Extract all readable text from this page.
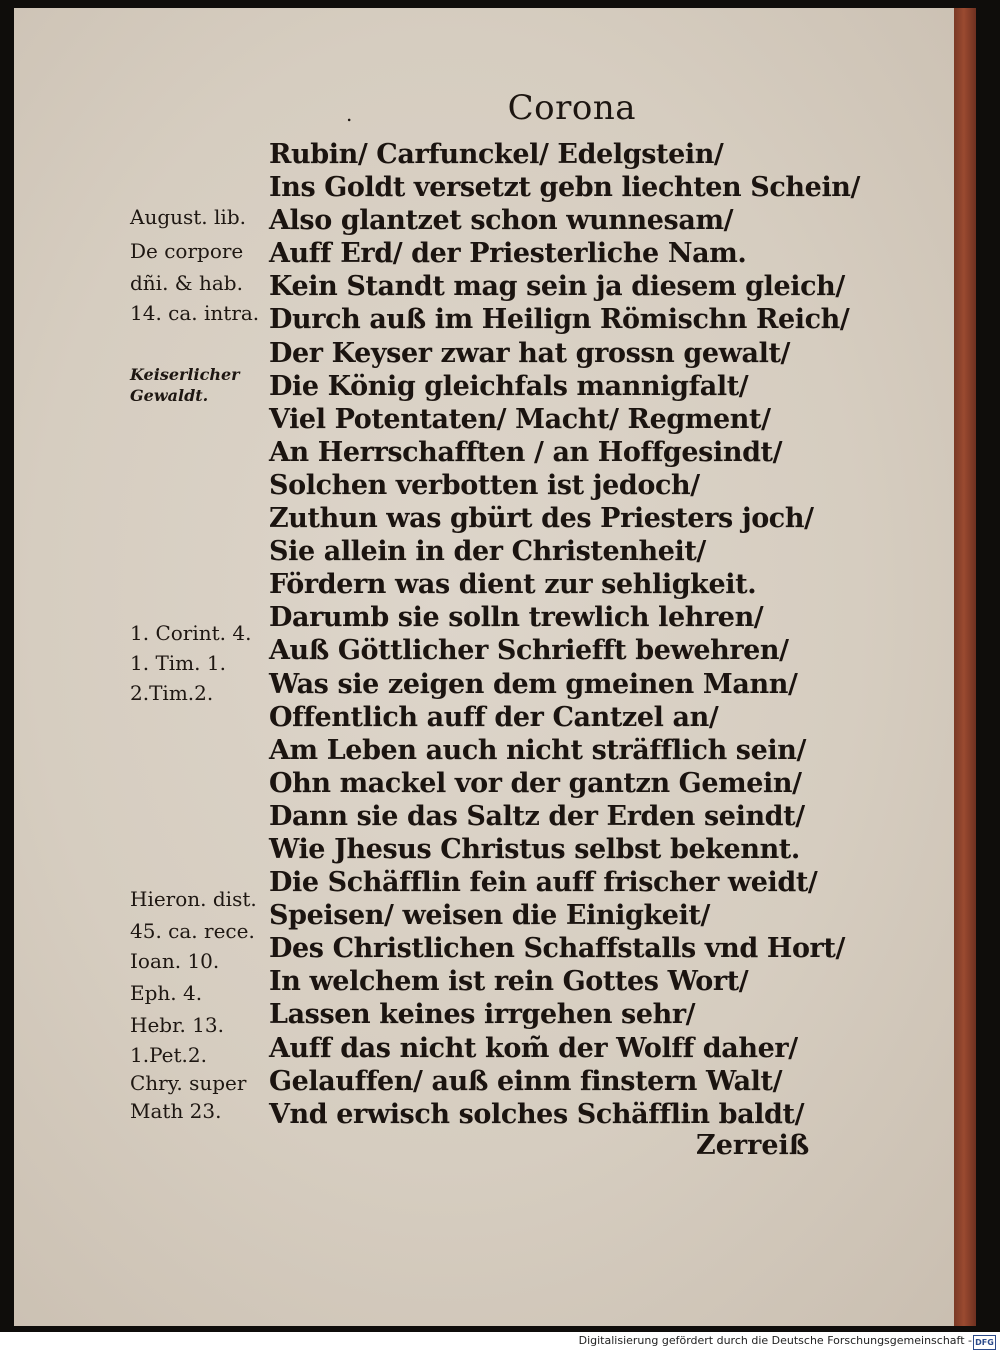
.	Corona
Rubin/ Carfunckel/ Edelgstein/
Ins Goldt versetzt gebn liechten Schein/
Also glantzet schon wunnesam/
Auff Erd/ der Priesterliche Nam.
Kein Standt mag sein ja diesem gleich/
Durch auß im Heilign Römischn Reich/
Der Keyser zwar hat grossn gewalt/
Die König gleichfals mannigfalt/
Viel Potentaten/ Macht/ Regment/
An Herrschafften / an Hoffgesindt/
Solchen verbotten ist jedoch/
Zuthun was gbürt des Priesters joch/
Sie allein in der Christenheit/
Fördern was dient zur sehligkeit.
Darumb sie solln trewlich lehren/
Auß Göttlicher Schriefft bewehren/
Was sie zeigen dem gmeinen Mann/
Offentlich auff der Cantzel an/
Am Leben auch nicht sträfflich sein/
Ohn mackel vor der gantzn Gemein/
Dann sie das Saltz der Erden seindt/
Wie Jhesus Christus selbst bekennt.
Die Schäfflin fein auff frischer weidt/
Speisen/ weisen die Einigkeit/
Des Christlichen Schaffstalls vnd Hort/
In welchem ist rein Gottes Wort/
Lassen keines irrgehen sehr/
Auff das nicht kom̃ der Wolff daher/
Gelauffen/ auß einm finstern Walt/
Vnd erwisch solches Schäfflin baldt/
August. lib.
De corpore
dñi. & hab.
14. ca. intra.
Keiserlicher
Gewaldt.
1. Corint. 4.
1. Tim. 1.
2.Tim.2.
Hieron. dist.
45. ca. rece.
Ioan. 10.
Eph. 4.
Hebr. 13.
1.Pet.2.
Chry. super
Math 23.
Zerreiß
Digitalisierung gefördert durch die Deutsche Forschungsgemeinschaft - DFG
